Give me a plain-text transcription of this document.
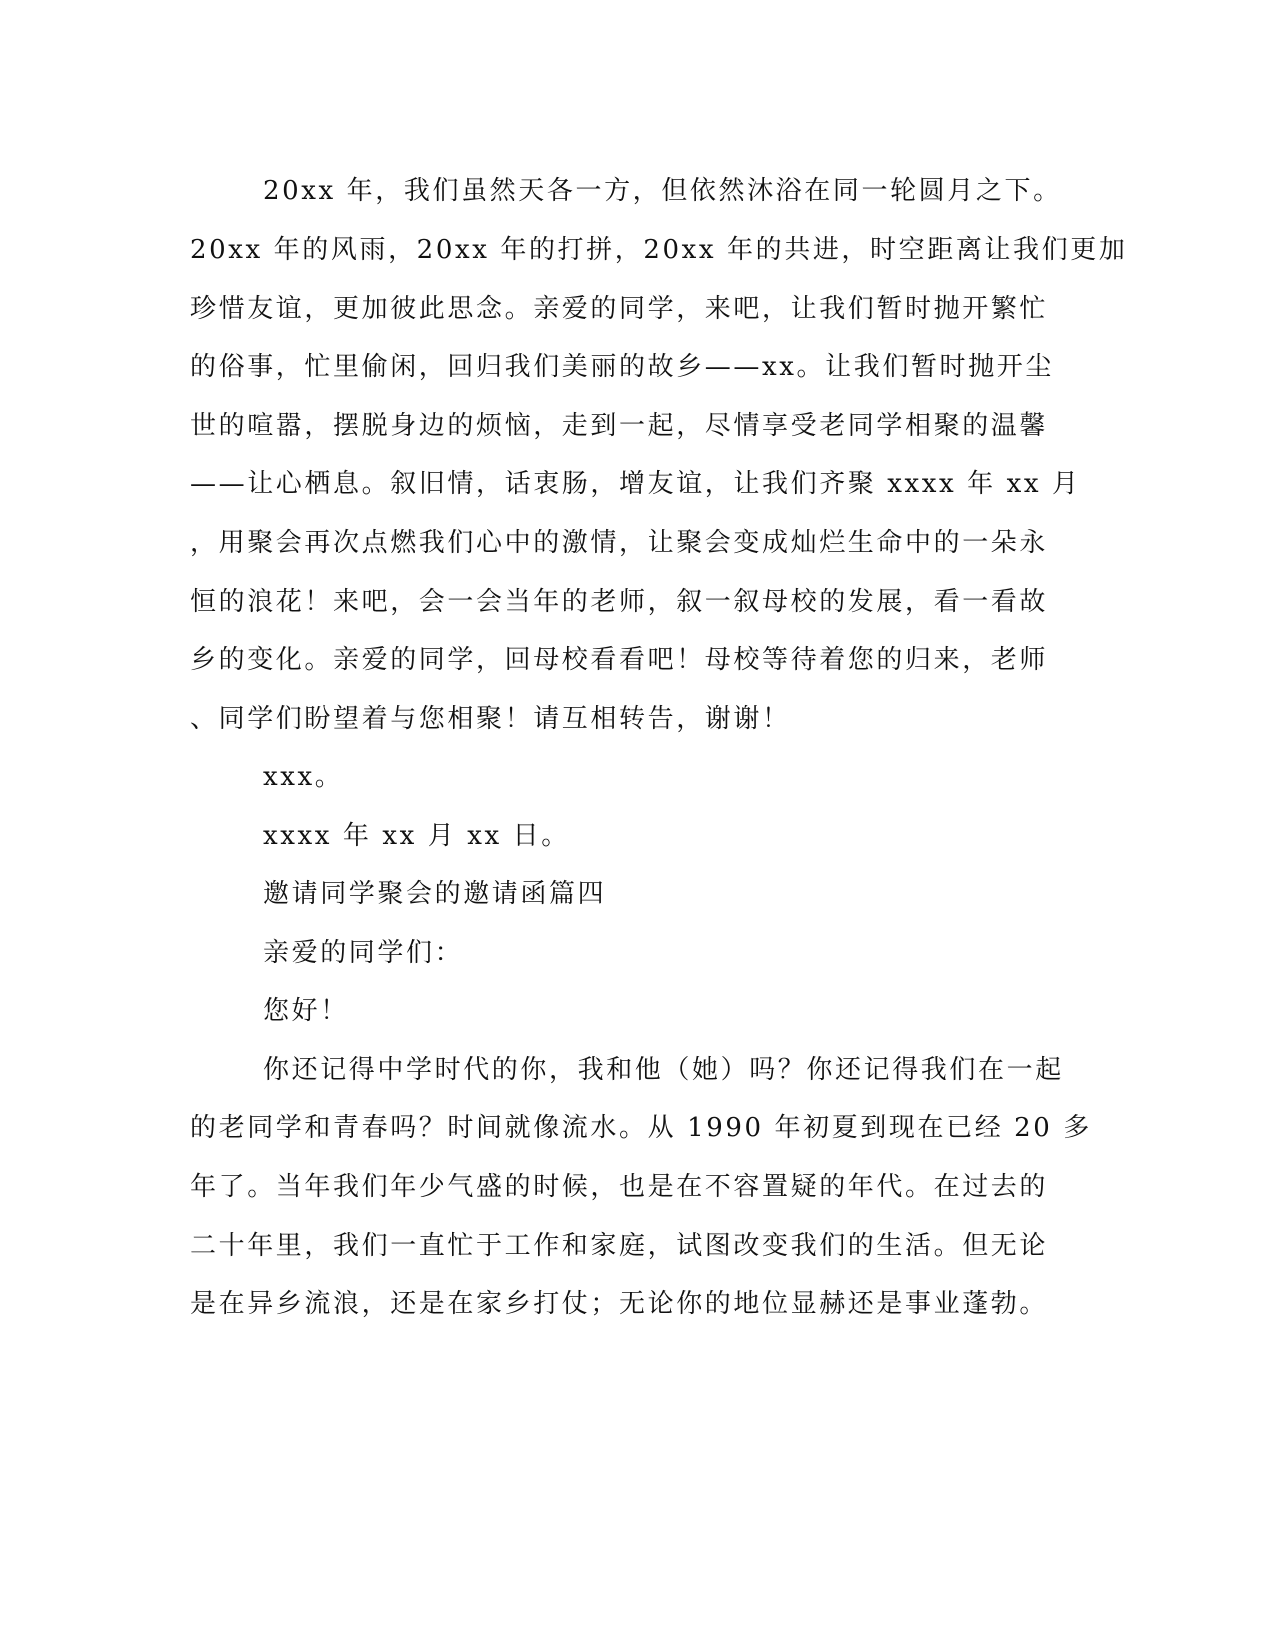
20xx 年，我们虽然天各一方，但依然沐浴在同一轮圆月之下。
20xx 年的风雨，20xx 年的打拼，20xx 年的共进，时空距离让我们更加
珍惜友谊，更加彼此思念。亲爱的同学，来吧，让我们暂时抛开繁忙
的俗事，忙里偷闲，回归我们美丽的故乡——xx。让我们暂时抛开尘
世的喧嚣，摆脱身边的烦恼，走到一起，尽情享受老同学相聚的温馨
——让心栖息。叙旧情，话衷肠，增友谊，让我们齐聚 xxxx 年 xx 月
，用聚会再次点燃我们心中的激情，让聚会变成灿烂生命中的一朵永
恒的浪花！来吧，会一会当年的老师，叙一叙母校的发展，看一看故
乡的变化。亲爱的同学，回母校看看吧！母校等待着您的归来，老师
、同学们盼望着与您相聚！请互相转告，谢谢！
xxx。
xxxx 年 xx 月 xx 日。
邀请同学聚会的邀请函篇四
亲爱的同学们：
您好！
你还记得中学时代的你，我和他（她）吗？你还记得我们在一起
的老同学和青春吗？时间就像流水。从 1990 年初夏到现在已经 20 多
年了。当年我们年少气盛的时候，也是在不容置疑的年代。在过去的
二十年里，我们一直忙于工作和家庭，试图改变我们的生活。但无论
是在异乡流浪，还是在家乡打仗；无论你的地位显赫还是事业蓬勃。
